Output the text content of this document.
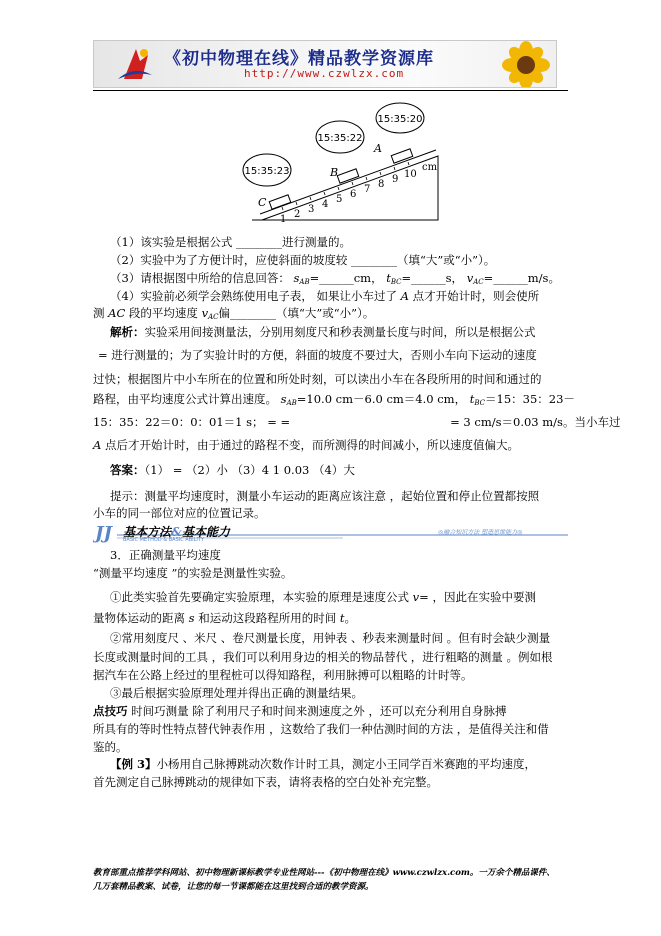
《初中物理在线》精品教学资源库
http://www.czwlzx.com
1 2 3 4 5 6 7 8 9 10
cm
C
B
A
15:35:23
15:35:22
15:35:20
（1）该实验是根据公式 ________进行测量的。
（2）实验中为了方便计时，应使斜面的坡度较 ________（填“大”或“小”）。
（3）请根据图中所给的信息回答： $s_{AB}=\_\_\_\_\_\_cm$， $t_{BC}=\_\_\_\_\_\_s$， $v_{AC}=\_\_\_\_\_\_m/s$。
（4）实验前必须学会熟练使用电子表， 如果让小车过了 A 点才开始计时，则会使所
测 AC 段的平均速度 $v_{AC}$偏________（填“大”或“小”）。
解析：实验采用间接测量法，分别用刻度尺和秒表测量长度与时间，所以是根据公式
= 进行测量的；为了实验计时的方便，斜面的坡度不要过大，否则小车向下运动的速度
过快；根据图片中小车所在的位置和所处时刻，可以读出小车在各段所用的时间和通过的
路程，由平均速度公式计算出速度。 $s_{AB}=10.0$ cm－6.0 cm＝4.0 cm， $t_{BC}=15$：35：23－
15：35：22＝0：0：01＝1 s； = =	= 3 cm/s＝0.03 m/s。当小车过
A 点后才开始计时，由于通过的路程不变，而所测得的时间减小，所以速度值偏大。
答案：（1） = （2）小 （3）4 1 0.03 （4）大
提示：测量平均速度时，测量小车运动的距离应该注意 ，起始位置和停止位置都按照
小车的同一部位对应的位置记录。
JJ 基本方法&基本能力
BASIC METHOD & BASIC ABILITY
◎融合知识方法 塑造思维能力◎
3．正确测量平均速度
“测量平均速度 ”的实验是测量性实验。
①此类实验首先要确定实验原理，本实验的原理是速度公式 v= ，因此在实验中要测
量物体运动的距离 s 和运动这段路程所用的时间 t。
②常用刻度尺 、米尺 、卷尺测量长度，用钟表 、秒表来测量时间 。但有时会缺少测量
长度或测量时间的工具 ，我们可以利用身边的相关的物品替代 ，进行粗略的测量 。例如根
据汽车在公路上经过的里程桩可以得知路程，利用脉搏可以粗略的计时等。
③最后根据实验原理处理并得出正确的测量结果。
点技巧 时间巧测量 除了利用尺子和时间来测速度之外 ，还可以充分利用自身脉搏
所具有的等时性特点替代钟表作用 ，这数给了我们一种估测时间的方法 ，是值得关注和借
鉴的。
【例 3】小杨用自己脉搏跳动次数作计时工具，测定小王同学百米赛跑的平均速度，
首先测定自己脉搏跳动的规律如下表，请将表格的空白处补充完整。
教育部重点推荐学科网站、初中物理新课标教学专业性网站---《初中物理在线》www.czwlzx.com。一万余个精品课件、
几万套精品教案、试卷，让您的每一节课都能在这里找到合适的教学资源。
